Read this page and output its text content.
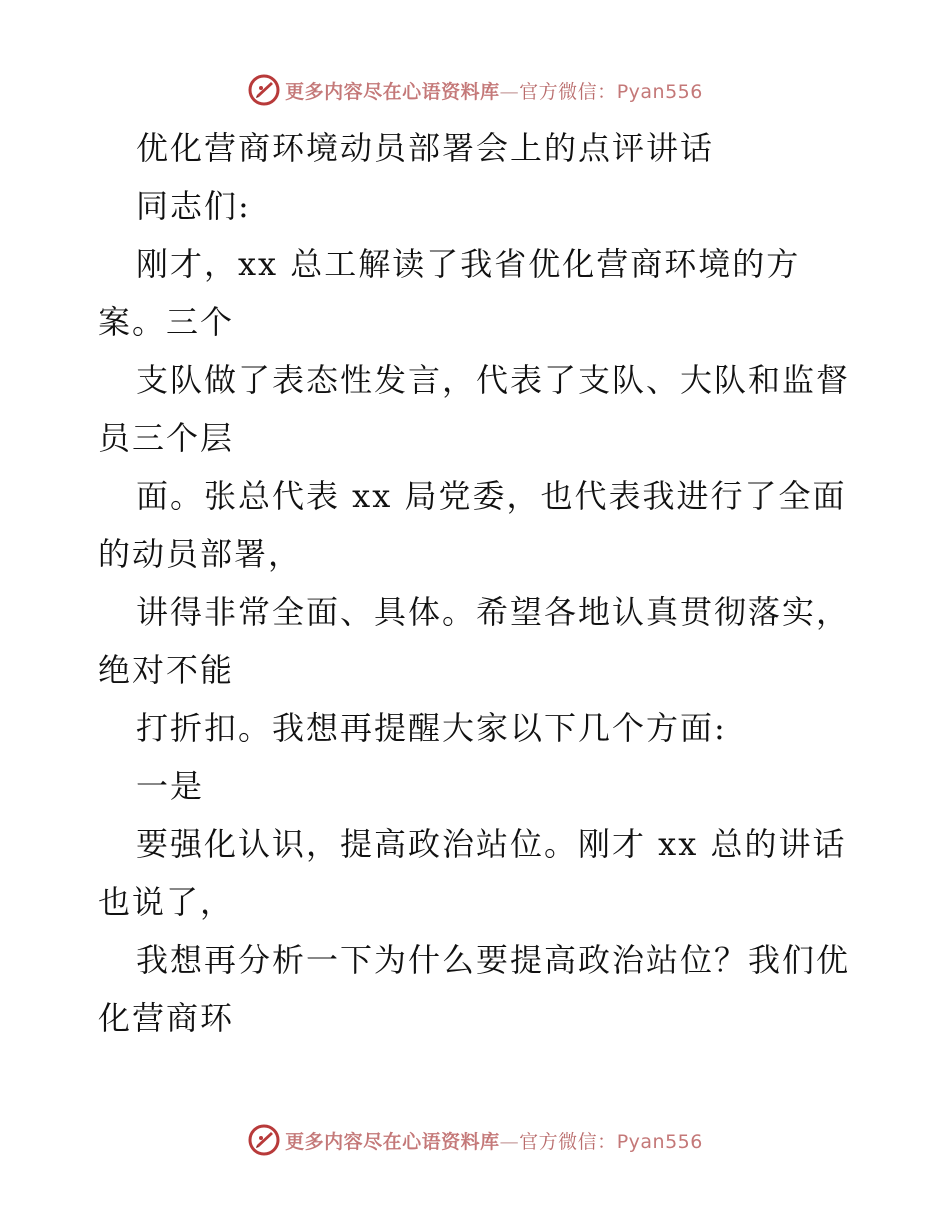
更多内容尽在心语资料库—官方微信：Pyan556
优化营商环境动员部署会上的点评讲话
同志们:
刚才，xx 总工解读了我省优化营商环境的方
案。三个
支队做了表态性发言，代表了支队、大队和监督
员三个层
面。张总代表 xx 局党委，也代表我进行了全面
的动员部署，
讲得非常全面、具体。希望各地认真贯彻落实，
绝对不能
打折扣。我想再提醒大家以下几个方面:
一是
要强化认识，提高政治站位。刚才 xx 总的讲话
也说了，
我想再分析一下为什么要提高政治站位？我们优
化营商环
更多内容尽在心语资料库—官方微信：Pyan556
